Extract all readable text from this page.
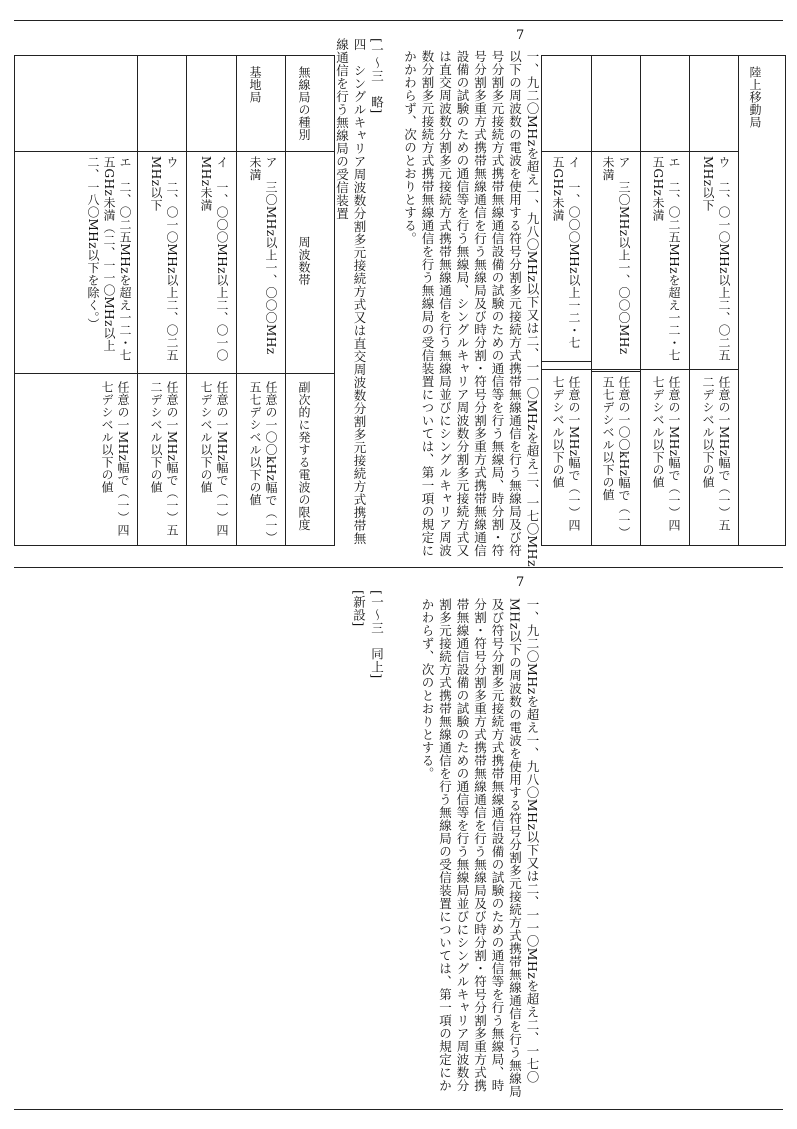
7
一、九二〇MHzを超え一、九八〇MHz以下又は二、一一〇MHzを超え二、一七〇MHz以下の周波数の電波を使用する符号分割多元接続方式携帯無線通信を行う無線局及び符号分割多元接続方式携帯無線通信設備の試験のための通信等を行う無線局、時分割・符号分割多重方式携帯無線通信を行う無線局及び時分割・符号分割多重方式携帯無線通信設備の試験のための通信等を行う無線局、シングルキャリア周波数分割多元接続方式又は直交周波数分割多元接続方式携帯無線通信を行う無線局並びにシングルキャリア周波数分割多元接続方式携帯無線通信を行う無線局の受信装置については、第一項の規定にかかわらず、次のとおりとする。
[一～三　略]
四　シングルキャリア周波数分割多元接続方式又は直交周波数分割多元接続方式携帯無線通信を行う無線局の受信装置
ア　三〇MHz以上一、〇〇〇MHz未満
イ　一、〇〇〇MHz以上一二・七五GHz未満	ウ　二、〇一〇MHz以上二、〇二五MHz以下
エ　二、〇二五MHzを超え一二・七五GHz未満
任意の一〇〇kHz幅で（一）五七デシベル以下の値
任意の一MHz幅で（一）四七デシベル以下の値	任意の一MHz幅で（一）五二デシベル以下の値
任意の一MHz幅で（一）四七デシベル以下の値
陸上移動局
無線局の種別
周波数帯
副次的に発する電波の限度
基地局
ア　三〇MHz以上一、〇〇〇MHz未満
イ　一、〇〇〇MHz以上二、〇一〇MHz未満
ウ　二、〇一〇MHz以上二、〇二五MHz以下
エ　二、〇二五MHzを超え一二・七五GHz未満（二、一一〇MHz以上二、一八〇MHz以下を除く。）
任意の一〇〇kHz幅で（一）五七デシベル以下の値
任意の一MHz幅で（一）四七デシベル以下の値
任意の一MHz幅で（一）五二デシベル以下の値
任意の一MHz幅で（一）四七デシベル以下の値
7
一、九二〇MHzを超え一、九八〇MHz以下又は二、一一〇MHzを超え二、一七〇MHz以下の周波数の電波を使用する符号分割多元接続方式携帯無線通信を行う無線局及び符号分割多元接続方式携帯無線通信設備の試験のための通信等を行う無線局、時分割・符号分割多重方式携帯無線通信を行う無線局及び時分割・符号分割多重方式携帯無線通信設備の試験のための通信等を行う無線局並びにシングルキャリア周波数分割多元接続方式携帯無線通信を行う無線局の受信装置については、第一項の規定にかかわらず、次のとおりとする。
[一～三　同上]
[新設]
